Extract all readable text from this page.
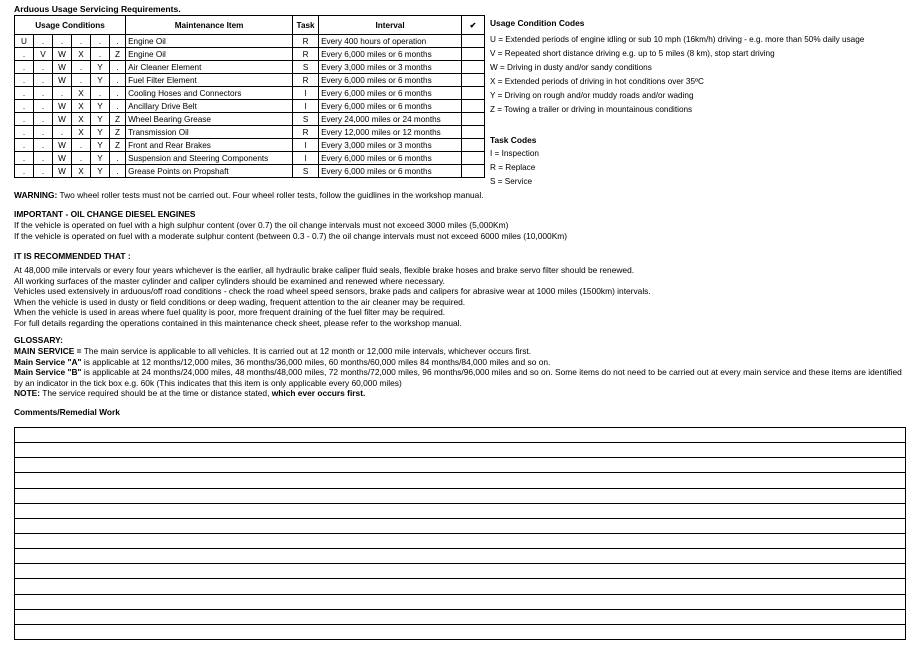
Arduous Usage Servicing Requirements.
Usage Conditions						Maintenance Item	Task	Interval	✔
U	.	.	.	.	.	Engine Oil	R	Every 400 hours of operation	
.	V	W	X	.	Z	Engine Oil	R	Every 6,000 miles or 6 months	
.	.	W	.	Y	.	Air Cleaner Element	S	Every 3,000 miles or 3 months	
.	.	W	.	Y	.	Fuel Filter Element	R	Every 6,000 miles or 6 months	
.	.	.	X	.	.	Cooling Hoses and Connectors	I	Every 6,000 miles or 6 months	
.	.	W	X	Y	.	Ancillary Drive Belt	I	Every 6,000 miles or 6 months	
.	.	W	X	Y	Z	Wheel Bearing Grease	S	Every 24,000 miles or 24 months	
.	.	.	X	Y	Z	Transmission Oil	R	Every 12,000 miles or 12 months	
.	.	W	.	Y	Z	Front and Rear Brakes	I	Every 3,000 miles or 3 months	
.	.	W	.	Y	.	Suspension and Steering Components	I	Every 6,000 miles or 6 months	
.	.	W	X	Y	.	Grease Points on Propshaft	S	Every 6,000 miles or 6 months	
Usage Condition Codes
U = Extended periods of engine idling or sub 10 mph (16km/h) driving - e.g. more than 50% daily usage
V = Repeated short distance driving e.g. up to 5 miles (8 km), stop start driving
W = Driving in dusty and/or sandy conditions
X = Extended periods of driving in hot conditions over 35ºC
Y = Driving on rough and/or muddy roads and/or wading
Z = Towing a trailer or driving in mountainous conditions
Task Codes
I = Inspection
R = Replace
S = Service
WARNING: Two wheel roller tests must not be carried out. Four wheel roller tests, follow the guidlines in the workshop manual.
IMPORTANT - OIL CHANGE DIESEL ENGINES
If the vehicle is operated on fuel with a high sulphur content (over 0.7) the oil change intervals must not exceed 3000 miles (5,000Km)
If the vehicle is operated on fuel with a moderate sulphur content (between 0.3 - 0.7) the oil change intervals must not exceed 6000 miles (10,000Km)
IT IS RECOMMENDED THAT :
At 48,000 mile intervals or every four years whichever is the earlier, all hydraulic brake caliper fluid seals, flexible brake hoses and brake servo filter should be renewed.
All working surfaces of the master cylinder and caliper cylinders should be examined and renewed where necessary.
Vehicles used extensively in arduous/off road conditions - check the road wheel speed sensors, brake pads and calipers for abrasive wear at 1000 miles (1500km) intervals.
When the vehicle is used in dusty or field conditions or deep wading, frequent attention to the air cleaner may be required.
When the vehicle is used in areas where fuel quality is poor, more frequent draining of the fuel filter may be required.
For full details regarding the operations contained in this maintenance check sheet, please refer to the workshop manual.
GLOSSARY:
MAIN SERVICE = The main service is applicable to all vehicles. It is carried out at 12 month or 12,000 mile intervals, whichever occurs first.
Main Service "A" is applicable at 12 months/12,000 miles, 36 months/36,000 miles, 60 months/60,000 miles 84 months/84,000 miles and so on.
Main Service "B" is applicable at 24 months/24,000 miles, 48 months/48,000 miles, 72 months/72,000 miles, 96 months/96,000 miles and so on. Some items do not need to be carried out at every main service and these items are identified by an indicator in the tick box e.g. 60k (This indicates that this item is only applicable every 60,000 miles)
NOTE: The service required should be at the time or distance stated, which ever occurs first.
Comments/Remedial Work
